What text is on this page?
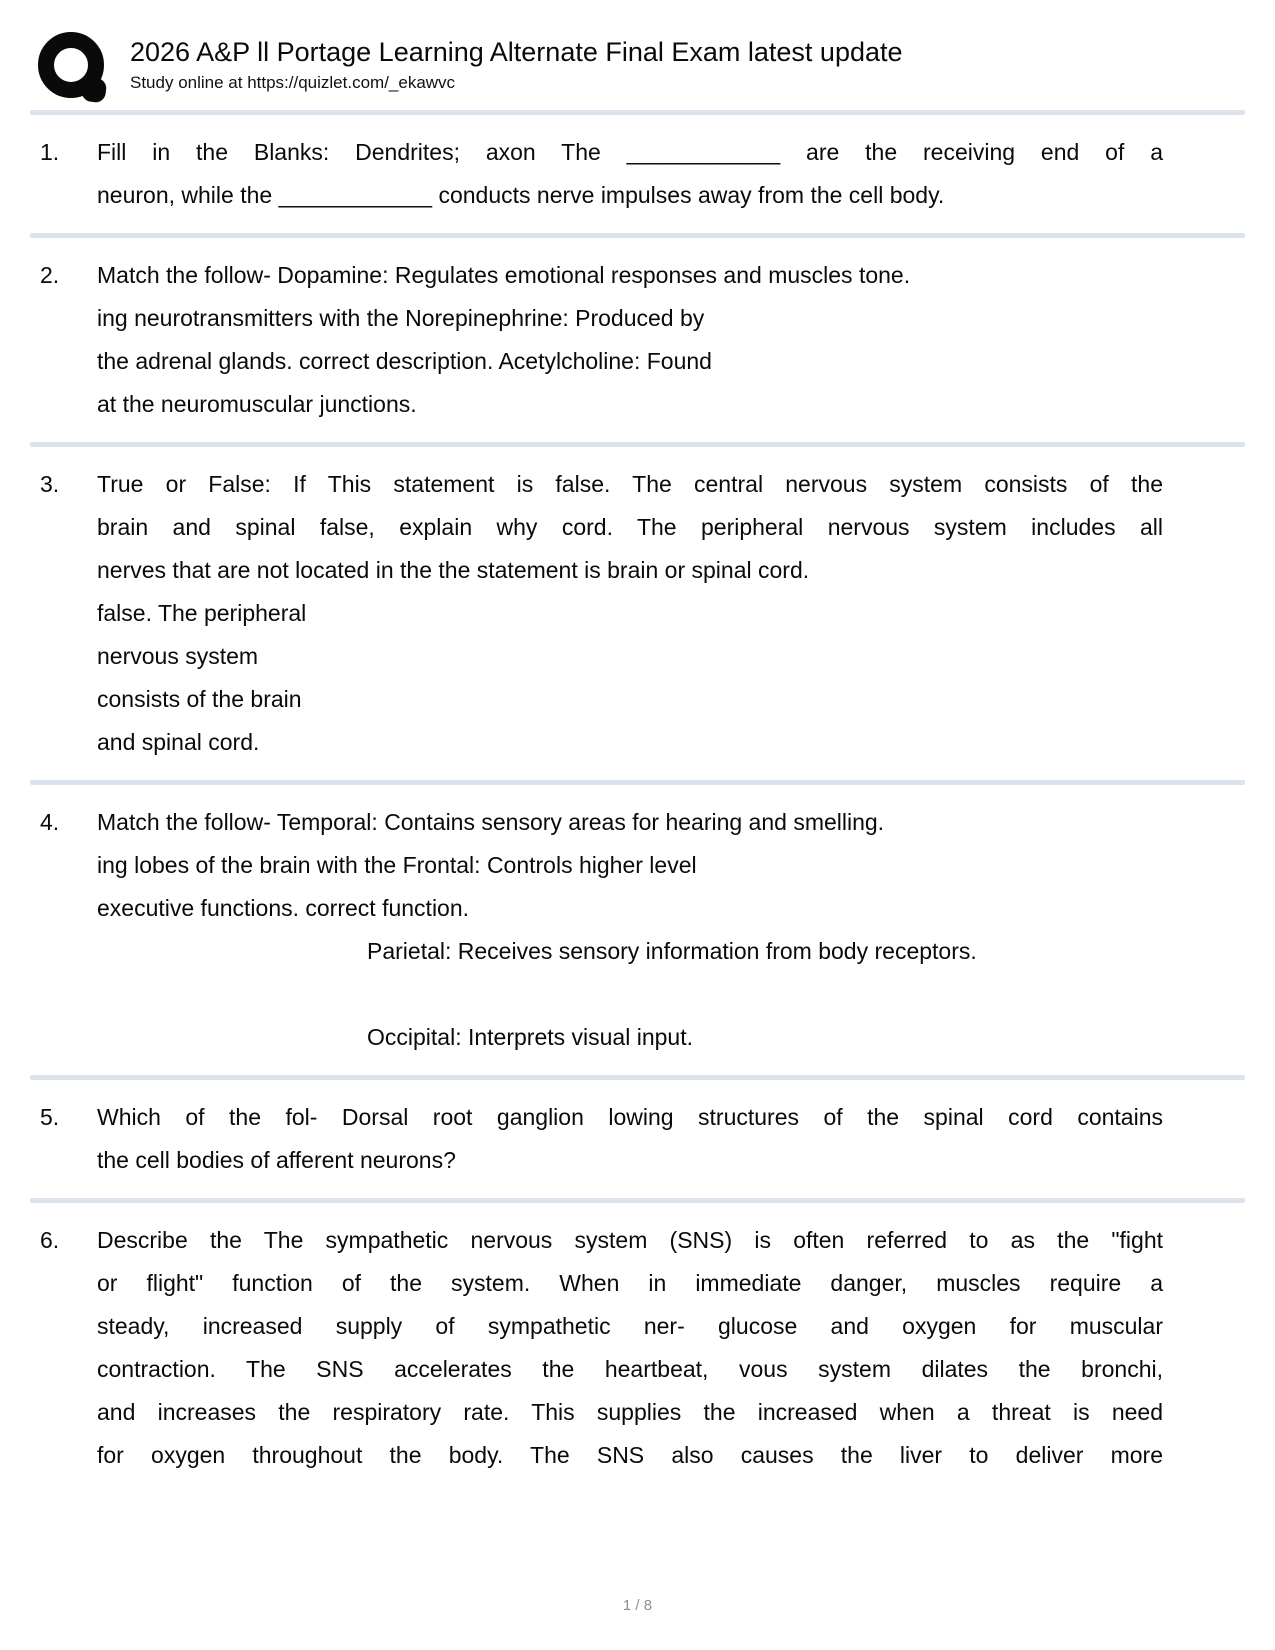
2026 A&P ll Portage Learning Alternate Final Exam latest update
Study online at https://quizlet.com/_ekawvc
1.	Fill in the Blanks: Dendrites; axon The ____________ are the receiving end of a
neuron, while the ____________ conducts nerve impulses away from the cell body.
2.	Match the follow- Dopamine: Regulates emotional responses and muscles tone.
ing neurotransmitters with the Norepinephrine: Produced by
the adrenal glands. correct description. Acetylcholine: Found
at the neuromuscular junctions.
3.	True or False: If This statement is false. The central nervous system consists of the
brain and spinal false, explain why cord. The peripheral nervous system includes all
nerves that are not located in the the statement is brain or spinal cord.
false. The peripheral
nervous system
consists of the brain
and spinal cord.
4.	Match the follow- Temporal: Contains sensory areas for hearing and smelling.
ing lobes of the brain with the Frontal: Controls higher level
executive functions. correct function.
Parietal: Receives sensory information from body receptors.
Occipital: Interprets visual input.
5.	Which of the fol- Dorsal root ganglion lowing structures of the spinal cord contains
the cell bodies of afferent neurons?
6.	Describe the The sympathetic nervous system (SNS) is often referred to as the "fight
or flight" function of the system. When in immediate danger, muscles require a
steady, increased supply of sympathetic ner- glucose and oxygen for muscular
contraction. The SNS accelerates the heartbeat, vous system dilates the bronchi,
and increases the respiratory rate. This supplies the increased when a threat is need
for oxygen throughout the body. The SNS also causes the liver to deliver more
1 / 8
